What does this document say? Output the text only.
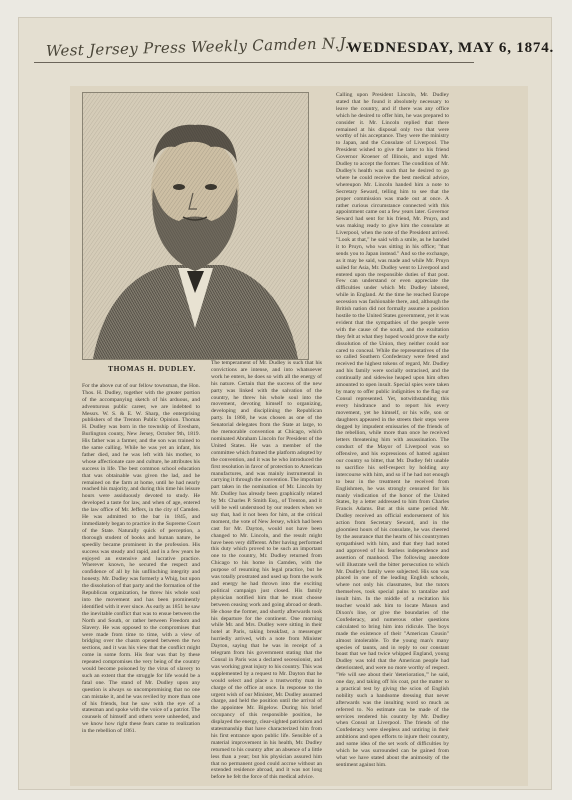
West Jersey Press Weekly Camden N.J.
WEDNESDAY, MAY 6, 1874.
JM
THOMAS H. DUDLEY.

For the above cut of our fellow townsman, the Hon. Thos. H. Dudley, together with the greater portion of the accompanying sketch of his arduous, and adventurous public career, we are indebted to Messrs. W. S. & E. W. Sharp, the enterprising publishers of the Trenton Public Opinion. Thomas H. Dudley was born in the township of Evesham, Burlington county, New Jersey, October 9th, 1819. His father was a farmer, and the son was trained to the same calling. While he was yet an infant, his father died, and he was left with his mother, to whose affectionate care and culture, he attributes his success in life. The best common school education that was obtainable was given the lad, and he remained on the farm at home, until he had nearly reached his majority, and during this time his leisure hours were assiduously devoted to study. He developed a taste for law, and when of age, entered the law office of Mr. Jeffers, in the city of Camden. He was admitted to the bar in 1845, and immediately began to practice in the Supreme Court of the State. Naturally quick of perception, a thorough student of books and human nature, he speedily became prominent in the profession. His success was steady and rapid, and in a few years he enjoyed an extensive and lucrative practice. Wherever known, he secured the respect and confidence of all by his unflinching integrity and honesty. Mr. Dudley was formerly a Whig, but upon the dissolution of that party and the formation of the Republican organization, he threw his whole soul into the movement and has been prominently identified with it ever since. As early as 1851 he saw the inevitable conflict that was to ensue between the North and South, or rather between Freedom and Slavery. He was opposed to the compromises that were made from time to time, with a view of bridging over the chasm opened between the two sections, and it was his view that the conflict might come in some form. His fear was that by these repeated compromises the very being of the country would become poisoned by the virus of slavery to such an extent that the struggle for life would be a fatal one. The stand of Mr. Dudley upon any question is always so uncompromising that no one can mistake it, and he was reviled by more than one of his friends, but he saw with the eye of a statesman and spoke with the voice of a patriot. The counsels of himself and others were unheeded, and we know how right these fears came to realization in the rebellion of 1861.

The temperament of Mr. Dudley is such that his convictions are intense, and into whatsoever work he enters, he does so with all the energy of his nature. Certain that the success of the new party was linked with the salvation of the country, he threw his whole soul into the movement, devoting himself to organizing, developing and disciplining the Republican party. In 1860, he was chosen as one of the Senatorial delegates from the State at large, to the memorable convention at Chicago, which nominated Abraham Lincoln for President of the United States. He was a member of the committee which framed the platform adopted by the convention, and it was he who introduced the first resolution in favor of protection to American manufactures, and was mainly instrumental in carrying it through the convention. The important part taken in the nomination of Mr. Lincoln by Mr. Dudley has already been graphically related by Mr. Charles P. Smith Esq., of Trenton, and it will be well understood by our readers when we say that, had it not been for him, at the critical moment, the vote of New Jersey, which had been cast for Mr. Dayton, would not have been changed to Mr. Lincoln, and the result might have been very different. After having performed this duty which proved to be such an important one to the country, Mr. Dudley returned from Chicago to his home in Camden, with the purpose of resuming his legal practice, but he was totally prostrated and used up from the work and energy he had thrown into the exciting political campaign just closed. His family physician notified him that he must choose between ceasing work and going abroad or death. He chose the former, and shortly afterwards took his departure for the continent. One morning while Mr. and Mrs. Dudley were sitting in their hotel at Paris, taking breakfast, a messenger hurriedly arrived, with a note from Minister Dayton, saying that he was in receipt of a telegram from his government stating that the Consul in Paris was a declared secessionist, and was working great injury to his country. This was supplemented by a request to Mr. Dayton that he would select and place a trustworthy man in charge of the office at once. In response to the urgent wish of our Minister, Mr. Dudley assumed charge, and held the position until the arrival of the appointee Mr. Bigelow. During his brief occupancy of this responsible position, he displayed the energy, clear-sighted patriotism and statesmanship that have characterized him from his first entrance upon public life. Sensible of a material improvement in his health, Mr. Dudley returned to his country after an absence of a little less than a year; but his physician assured him that no permanent good could accrue without an extended residence abroad, and it was not long before he felt the force of this medical advice.

Calling upon President Lincoln, Mr. Dudley stated that he found it absolutely necessary to leave the country, and if there was any office which he desired to offer him, he was prepared to consider it. Mr. Lincoln replied that there remained at his disposal only two that were worthy of his acceptance. They were the ministry to Japan, and the Consulate of Liverpool. The President wished to give the latter to his friend Governor Kroener of Illinois, and urged Mr. Dudley to accept the former. The condition of Mr. Dudley's health was such that he desired to go where he could receive the best medical advice, whereupon Mr. Lincoln handed him a note to Secretary Seward, telling him to see that the proper commission was made out at once. A rather curious circumstance connected with this appointment came out a few years later. Governor Seward had sent for his friend, Mr. Pruyn, and was making ready to give him the consulate at Liverpool, when the note of the President arrived. "Look at that," he said with a smile, as he handed it to Pruyn, who was sitting in his office; "that sends you to Japan instead." And so the exchange, as it may be said, was made and while Mr. Pruyn sailed for Asia, Mr. Dudley went to Liverpool and entered upon the responsible duties of that post. Few can understand or even appreciate the difficulties under which Mr. Dudley labored, while in England. At the time he reached Europe secession was fashionable there, and, although the British nation did not formally assume a position hostile to the United States government, yet it was evident that the sympathies of the people were with the cause of the south, and the exultation they felt at what they hoped would prove the early dissolution of the Union, they neither could nor cared to conceal. While the representatives of the so called Southern Confederacy were feted and received the highest tokens of regard, Mr. Dudley and his family were socially ostracised, and the continually and sidewise heaped upon him often amounted to open insult. Special spies were taken by many to offer public indignities to the flag our Consul represented. Yet, notwithstanding this every hindrance and to report his every movement, yet he himself, or his wife, son or daughters appeared in the streets their steps were dogged by impudent emissaries of the friends of the rebellion, while more than once he received letters threatening him with assassination. The conduct of the Mayor of Liverpool was so offensive, and his expressions of hatred against our country so bitter, that Mr. Dudley felt unable to sacrifice his self-respect by holding any intercourse with him, and so if he had not enough to bear in the treatment he received from Englishmen, he was strongly censured for his manly vindication of the honor of the United States, by a letter addressed to him from Charles Francis Adams. But at this same period Mr. Dudley received an official endorsement of his action from Secretary Seward, and in the gloomiest hours of his consulate, he was cheered by the assurance that the hearts of his countrymen sympathised with him, and that they had noted and approved of his fearless independence and assertion of manhood. The following anecdote will illustrate well the bitter persecution to which Mr. Dudley's family were subjected. His son was placed in one of the leading English schools, where not only his classmates, but the tutors themselves, took special pains to tantalize and insult him. In the middle of a recitation his teacher would ask him to locate Mason and Dixon's line, or give the boundaries of the Confederacy, and numerous other questions calculated to bring him into ridicule. The boys made the existence of their "American Cousin" almost intolerable. To the young man's many species of taunts, and in reply to our constant boast that we had twice whipped England, young Dudley was told that the American people had deteriorated, and were no more worthy of respect. "We will see about their 'deterioration,'" he said, one day, and taking off his coat, put the matter to a practical test by giving the scion of English nobility such a handsome dressing that never afterwards was the insulting word so much as referred to. No estimate can be made of the services rendered his country by Mr. Dudley when Consul at Liverpool. The friends of the Confederacy were sleepless and untiring in their ambitions and open efforts to injure their country, and some idea of the set work of difficulties by which he was surrounded can be gained from what we have stated about the animosity of the sentiment against him.
